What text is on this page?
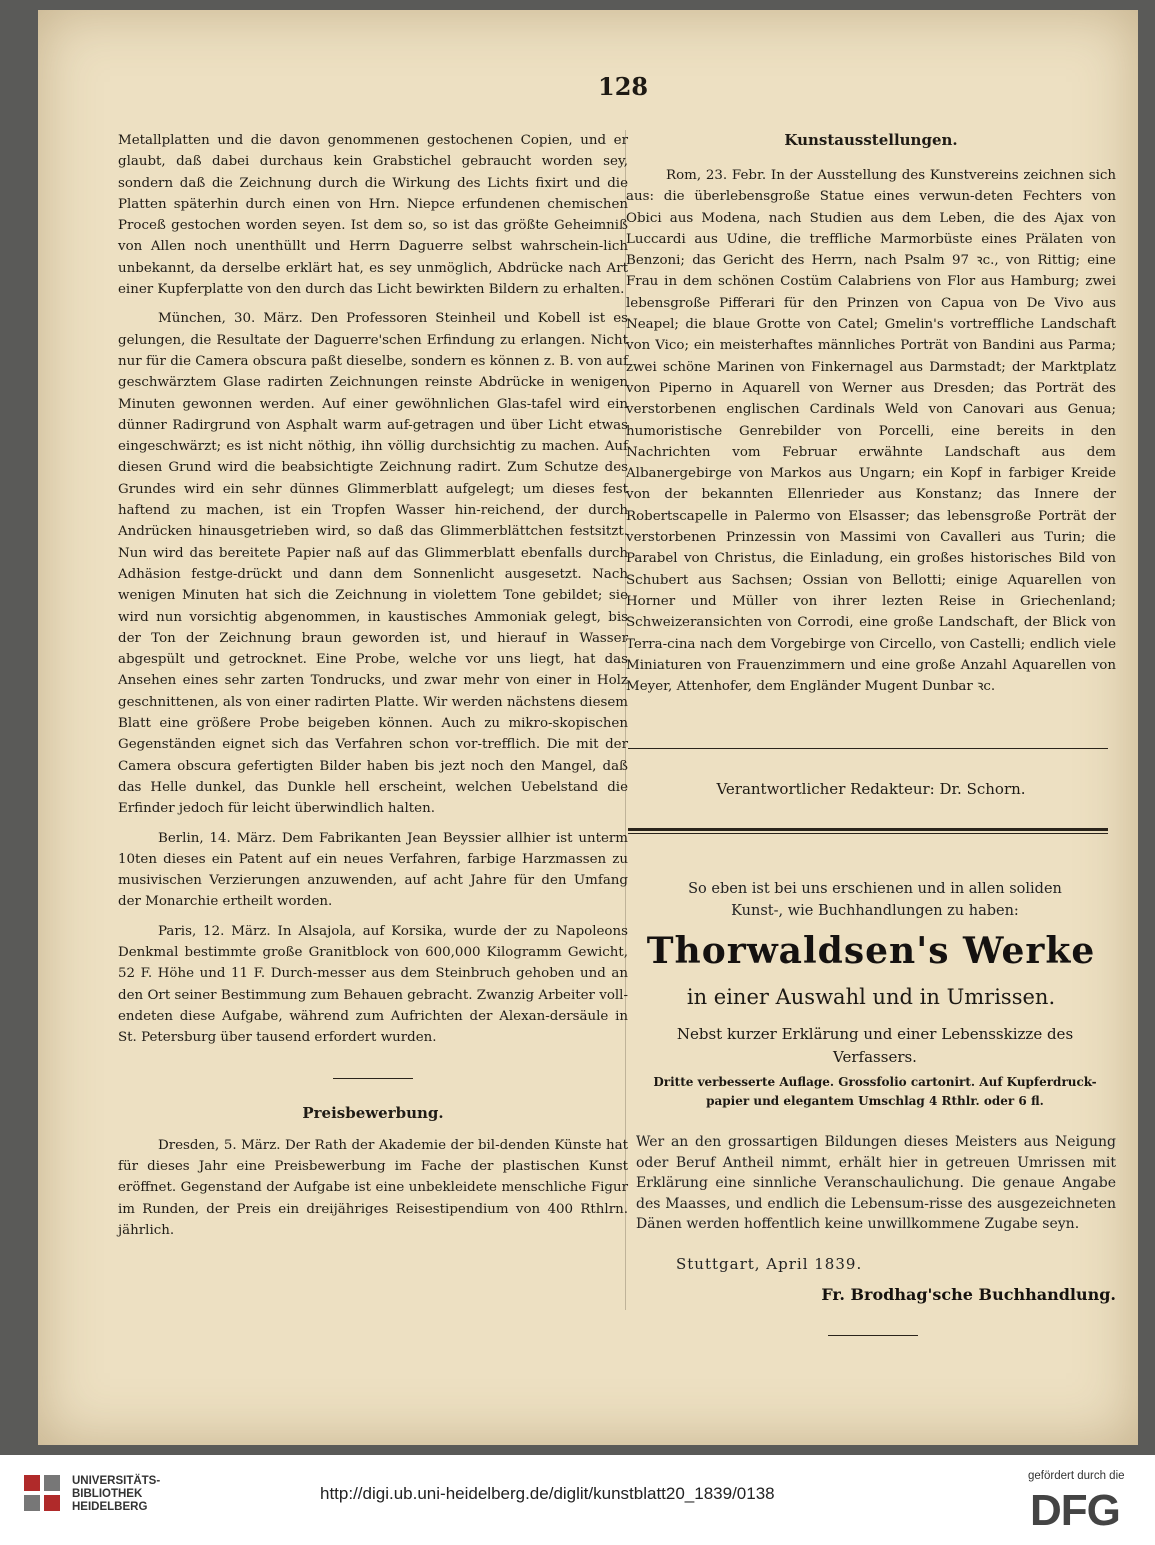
128

Metallplatten und die davon genommenen gestochenen Copien, und er glaubt, daß dabei durchaus kein Grabstichel gebraucht worden sey, sondern daß die Zeichnung durch die Wirkung des Lichts fixirt und die Platten späterhin durch einen von Hrn. Niepce erfundenen chemischen Proceß gestochen worden seyen. Ist dem so, so ist das größte Geheimniß von Allen noch unenthüllt und Herrn Daguerre selbst wahrschein-lich unbekannt, da derselbe erklärt hat, es sey unmöglich, Abdrücke nach Art einer Kupferplatte von den durch das Licht bewirkten Bildern zu erhalten.

München, 30. März. Den Professoren Steinheil und Kobell ist es gelungen, die Resultate der Daguerre'schen Erfindung zu erlangen. Nicht nur für die Camera obscura paßt dieselbe, sondern es können z. B. von auf geschwärztem Glase radirten Zeichnungen reinste Abdrücke in wenigen Minuten gewonnen werden. Auf einer gewöhnlichen Glas-tafel wird ein dünner Radirgrund von Asphalt warm auf-getragen und über Licht etwas eingeschwärzt; es ist nicht nöthig, ihn völlig durchsichtig zu machen. Auf diesen Grund wird die beabsichtigte Zeichnung radirt. Zum Schutze des Grundes wird ein sehr dünnes Glimmerblatt aufgelegt; um dieses fest haftend zu machen, ist ein Tropfen Wasser hin-reichend, der durch Andrücken hinausgetrieben wird, so daß das Glimmerblättchen festsitzt. Nun wird das bereitete Papier naß auf das Glimmerblatt ebenfalls durch Adhäsion festge-drückt und dann dem Sonnenlicht ausgesetzt. Nach wenigen Minuten hat sich die Zeichnung in violettem Tone gebildet; sie wird nun vorsichtig abgenommen, in kaustisches Ammoniak gelegt, bis der Ton der Zeichnung braun geworden ist, und hierauf in Wasser abgespült und getrocknet. Eine Probe, welche vor uns liegt, hat das Ansehen eines sehr zarten Tondrucks, und zwar mehr von einer in Holz geschnittenen, als von einer radirten Platte. Wir werden nächstens diesem Blatt eine größere Probe beigeben können. Auch zu mikro-skopischen Gegenständen eignet sich das Verfahren schon vor-trefflich. Die mit der Camera obscura gefertigten Bilder haben bis jezt noch den Mangel, daß das Helle dunkel, das Dunkle hell erscheint, welchen Uebelstand die Erfinder jedoch für leicht überwindlich halten.

Berlin, 14. März. Dem Fabrikanten Jean Beyssier allhier ist unterm 10ten dieses ein Patent auf ein neues Verfahren, farbige Harzmassen zu musivischen Verzierungen anzuwenden, auf acht Jahre für den Umfang der Monarchie ertheilt worden.

Paris, 12. März. In Alsajola, auf Korsika, wurde der zu Napoleons Denkmal bestimmte große Granitblock von 600,000 Kilogramm Gewicht, 52 F. Höhe und 11 F. Durch-messer aus dem Steinbruch gehoben und an den Ort seiner Bestimmung zum Behauen gebracht. Zwanzig Arbeiter voll-endeten diese Aufgabe, während zum Aufrichten der Alexan-dersäule in St. Petersburg über tausend erfordert wurden.

Preisbewerbung.

Dresden, 5. März. Der Rath der Akademie der bil-denden Künste hat für dieses Jahr eine Preisbewerbung im Fache der plastischen Kunst eröffnet. Gegenstand der Aufgabe ist eine unbekleidete menschliche Figur im Runden, der Preis ein dreijähriges Reisestipendium von 400 Rthlrn. jährlich.

Kunstausstellungen.

Rom, 23. Febr. In der Ausstellung des Kunstvereins zeichnen sich aus: die überlebensgroße Statue eines verwun-deten Fechters von Obici aus Modena, nach Studien aus dem Leben, die des Ajax von Luccardi aus Udine, die treffliche Marmorbüste eines Prälaten von Benzoni; das Gericht des Herrn, nach Psalm 97 ꝛc., von Rittig; eine Frau in dem schönen Costüm Calabriens von Flor aus Hamburg; zwei lebensgroße Pifferari für den Prinzen von Capua von De Vivo aus Neapel; die blaue Grotte von Catel; Gmelin's vortreffliche Landschaft von Vico; ein meisterhaftes männliches Porträt von Bandini aus Parma; zwei schöne Marinen von Finkernagel aus Darmstadt; der Marktplatz von Piperno in Aquarell von Werner aus Dresden; das Porträt des verstorbenen englischen Cardinals Weld von Canovari aus Genua; humoristische Genrebilder von Porcelli, eine bereits in den Nachrichten vom Februar erwähnte Landschaft aus dem Albanergebirge von Markos aus Ungarn; ein Kopf in farbiger Kreide von der bekannten Ellenrieder aus Konstanz; das Innere der Robertscapelle in Palermo von Elsasser; das lebensgroße Porträt der verstorbenen Prinzessin von Massimi von Cavalleri aus Turin; die Parabel von Christus, die Einladung, ein großes historisches Bild von Schubert aus Sachsen; Ossian von Bellotti; einige Aquarellen von Horner und Müller von ihrer lezten Reise in Griechenland; Schweizeransichten von Corrodi, eine große Landschaft, der Blick von Terra-cina nach dem Vorgebirge von Circello, von Castelli; endlich viele Miniaturen von Frauenzimmern und eine große Anzahl Aquarellen von Meyer, Attenhofer, dem Engländer Mugent Dunbar ꝛc.

Verantwortlicher Redakteur: Dr. Schorn.

So eben ist bei uns erschienen und in allen soliden
Kunst-, wie Buchhandlungen zu haben:
Thorwaldsen's Werke
in einer Auswahl und in Umrissen.
Nebst kurzer Erklärung und einer Lebensskizze des
Verfassers.
Dritte verbesserte Auflage. Grossfolio cartonirt. Auf Kupferdruck-
papier und elegantem Umschlag 4 Rthlr. oder 6 fl.
Wer an den grossartigen Bildungen dieses Meisters aus Neigung oder Beruf Antheil nimmt, erhält hier in getreuen Umrissen mit Erklärung eine sinnliche Veranschaulichung. Die genaue Angabe des Maasses, und endlich die Lebensum-risse des ausgezeichneten Dänen werden hoffentlich keine unwillkommene Zugabe seyn.
Stuttgart, April 1839.
Fr. Brodhag'sche Buchhandlung.
UNIVERSITÄTS-
BIBLIOTHEK
HEIDELBERG
http://digi.ub.uni-heidelberg.de/diglit/kunstblatt20_1839/0138
gefördert durch die
DFG
